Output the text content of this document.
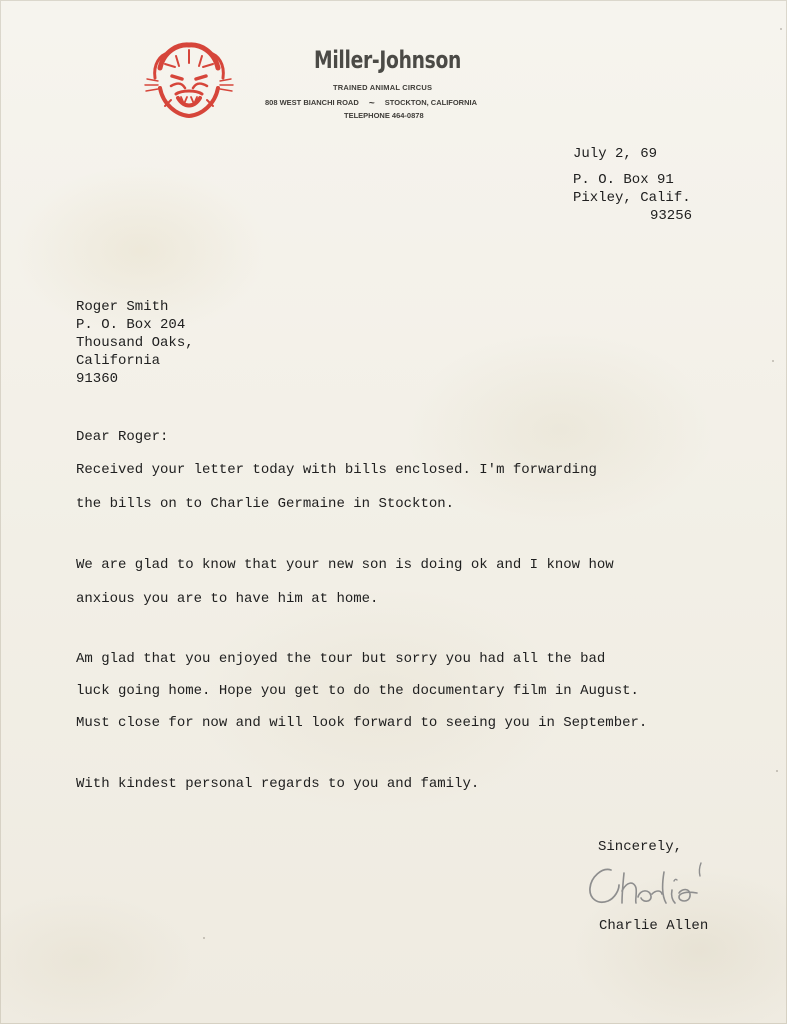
Miller-Johnson
TRAINED ANIMAL CIRCUS
808 WEST BIANCHI ROAD ~ STOCKTON, CALIFORNIA
TELEPHONE 464-0878
July 2, 69
P. O. Box 91
Pixley, Calif.
93256
Roger Smith
P. O. Box 204
Thousand Oaks,
California
91360
Dear Roger:
Received your letter today with bills enclosed. I'm forwarding
the bills on to Charlie Germaine in Stockton.
We are glad to know that your new son is doing ok and I know how
anxious you are to have him at home.
Am glad that you enjoyed the tour but sorry you had all the bad
luck going home. Hope you get to do the documentary film in August.
Must close for now and will look forward to seeing you in September.
With kindest personal regards to you and family.
Sincerely,
Charlie Allen
